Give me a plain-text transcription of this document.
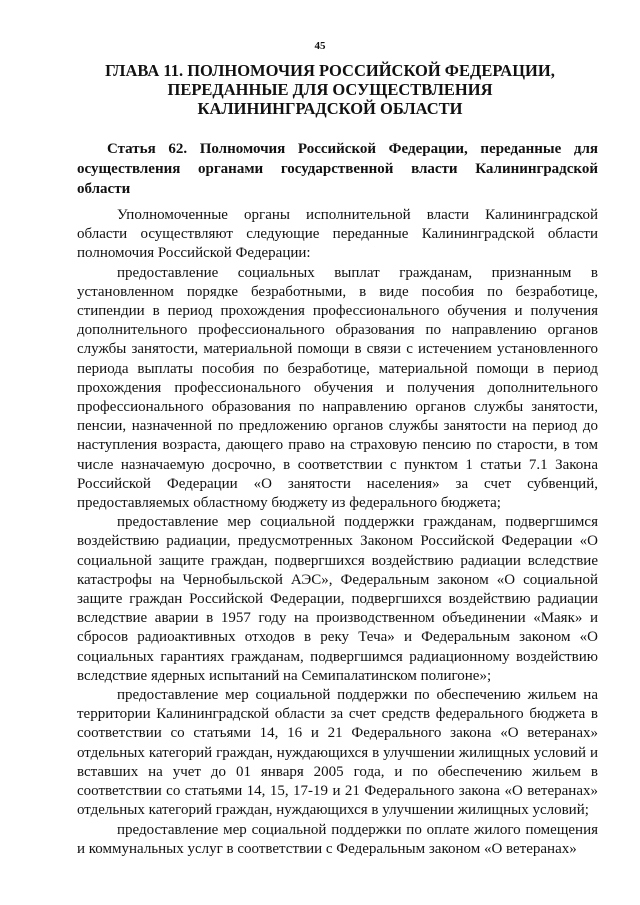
45
ГЛАВА 11. ПОЛНОМОЧИЯ РОССИЙСКОЙ ФЕДЕРАЦИИ, ПЕРЕДАННЫЕ ДЛЯ ОСУЩЕСТВЛЕНИЯ КАЛИНИНГРАДСКОЙ ОБЛАСТИ
Статья 62. Полномочия Российской Федерации, переданные для осуществления органами государственной власти Калининградской области

Уполномоченные органы исполнительной власти Калининградской области осуществляют следующие переданные Калининградской области полномочия Российской Федерации:

предоставление социальных выплат гражданам, признанным в установленном порядке безработными, в виде пособия по безработице, стипендии в период прохождения профессионального обучения и получения дополнительного профессионального образования по направлению органов службы занятости, материальной помощи в связи с истечением установленного периода выплаты пособия по безработице, материальной помощи в период прохождения профессионального обучения и получения дополнительного профессионального образования по направлению органов службы занятости, пенсии, назначенной по предложению органов службы занятости на период до наступления возраста, дающего право на страховую пенсию по старости, в том числе назначаемую досрочно, в соответствии с пунктом 1 статьи 7.1 Закона Российской Федерации «О занятости населения» за счет субвенций, предоставляемых областному бюджету из федерального бюджета;

предоставление мер социальной поддержки гражданам, подвергшимся воздействию радиации, предусмотренных Законом Российской Федерации «О социальной защите граждан, подвергшихся воздействию радиации вследствие катастрофы на Чернобыльской АЭС», Федеральным законом «О социальной защите граждан Российской Федерации, подвергшихся воздействию радиации вследствие аварии в 1957 году на производственном объединении «Маяк» и сбросов радиоактивных отходов в реку Теча» и Федеральным законом «О социальных гарантиях гражданам, подвергшимся радиационному воздействию вследствие ядерных испытаний на Семипалатинском полигоне»;

предоставление мер социальной поддержки по обеспечению жильем на территории Калининградской области за счет средств федерального бюджета в соответствии со статьями 14, 16 и 21 Федерального закона «О ветеранах» отдельных категорий граждан, нуждающихся в улучшении жилищных условий и вставших на учет до 01 января 2005 года, и по обеспечению жильем в соответствии со статьями 14, 15, 17-19 и 21 Федерального закона «О ветеранах» отдельных категорий граждан, нуждающихся в улучшении жилищных условий;

предоставление мер социальной поддержки по оплате жилого помещения и коммунальных услуг в соответствии с Федеральным законом «О ветеранах»
